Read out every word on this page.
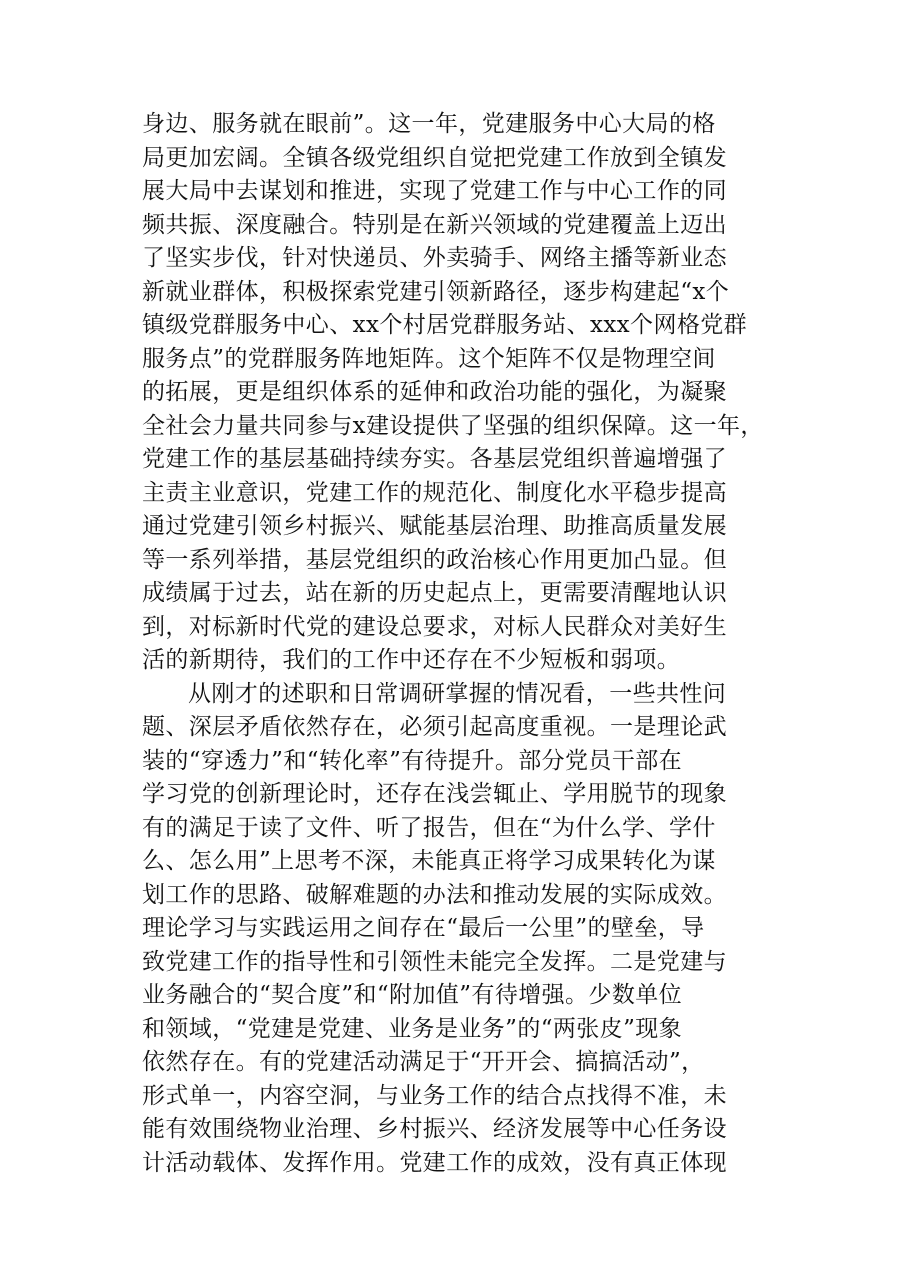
身边、服务就在眼前”。这一年，党建服务中心大局的格
局更加宏阔。全镇各级党组织自觉把党建工作放到全镇发
展大局中去谋划和推进，实现了党建工作与中心工作的同
频共振、深度融合。特别是在新兴领域的党建覆盖上迈出
了坚实步伐，针对快递员、外卖骑手、网络主播等新业态
新就业群体，积极探索党建引领新路径，逐步构建起“x个
镇级党群服务中心、xx个村居党群服务站、xxx个网格党群
服务点”的党群服务阵地矩阵。这个矩阵不仅是物理空间
的拓展，更是组织体系的延伸和政治功能的强化，为凝聚
全社会力量共同参与x建设提供了坚强的组织保障。这一年，
党建工作的基层基础持续夯实。各基层党组织普遍增强了
主责主业意识，党建工作的规范化、制度化水平稳步提高
通过党建引领乡村振兴、赋能基层治理、助推高质量发展
等一系列举措，基层党组织的政治核心作用更加凸显。但
成绩属于过去，站在新的历史起点上，更需要清醒地认识
到，对标新时代党的建设总要求，对标人民群众对美好生
活的新期待，我们的工作中还存在不少短板和弱项。
从刚才的述职和日常调研掌握的情况看，一些共性问
题、深层矛盾依然存在，必须引起高度重视。一是理论武
装的“穿透力”和“转化率”有待提升。部分党员干部在
学习党的创新理论时，还存在浅尝辄止、学用脱节的现象
有的满足于读了文件、听了报告，但在“为什么学、学什
么、怎么用”上思考不深，未能真正将学习成果转化为谋
划工作的思路、破解难题的办法和推动发展的实际成效。
理论学习与实践运用之间存在“最后一公里”的壁垒，导
致党建工作的指导性和引领性未能完全发挥。二是党建与
业务融合的“契合度”和“附加值”有待增强。少数单位
和领域，“党建是党建、业务是业务”的“两张皮”现象
依然存在。有的党建活动满足于“开开会、搞搞活动”，
形式单一，内容空洞，与业务工作的结合点找得不准，未
能有效围绕物业治理、乡村振兴、经济发展等中心任务设
计活动载体、发挥作用。党建工作的成效，没有真正体现
